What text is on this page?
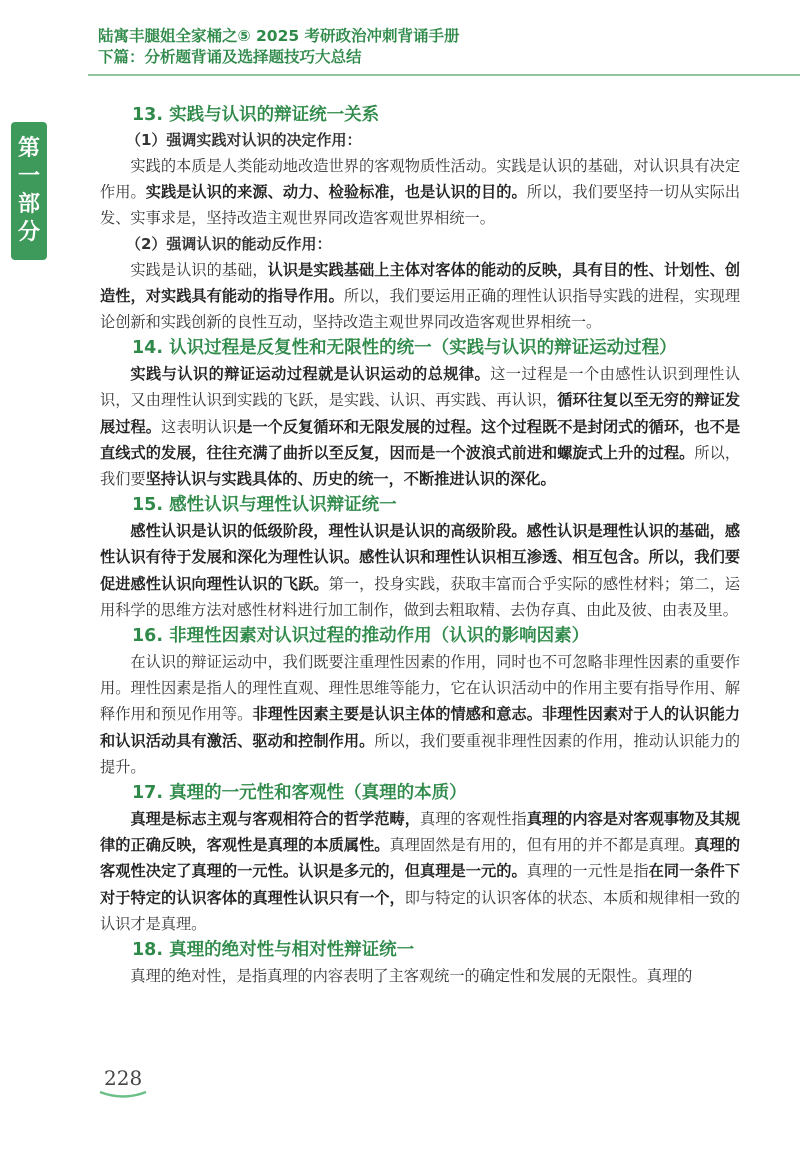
陆寓丰腿姐全家桶之⑤ 2025 考研政治冲刺背诵手册
下篇：分析题背诵及选择题技巧大总结
第
一
部
分
13. 实践与认识的辩证统一关系
（1）强调实践对认识的决定作用：

实践的本质是人类能动地改造世界的客观物质性活动。实践是认识的基础，对认识具有决定作用。实践是认识的来源、动力、检验标准，也是认识的目的。所以，我们要坚持一切从实际出发、实事求是，坚持改造主观世界同改造客观世界相统一。

（2）强调认识的能动反作用：

实践是认识的基础，认识是实践基础上主体对客体的能动的反映，具有目的性、计划性、创造性，对实践具有能动的指导作用。所以，我们要运用正确的理性认识指导实践的进程，实现理论创新和实践创新的良性互动，坚持改造主观世界同改造客观世界相统一。

14. 认识过程是反复性和无限性的统一（实践与认识的辩证运动过程）

实践与认识的辩证运动过程就是认识运动的总规律。这一过程是一个由感性认识到理性认识，又由理性认识到实践的飞跃，是实践、认识、再实践、再认识，循环往复以至无穷的辩证发展过程。这表明认识是一个反复循环和无限发展的过程。这个过程既不是封闭式的循环，也不是直线式的发展，往往充满了曲折以至反复，因而是一个波浪式前进和螺旋式上升的过程。所以，我们要坚持认识与实践具体的、历史的统一，不断推进认识的深化。

15. 感性认识与理性认识辩证统一

感性认识是认识的低级阶段，理性认识是认识的高级阶段。感性认识是理性认识的基础，感性认识有待于发展和深化为理性认识。感性认识和理性认识相互渗透、相互包含。所以，我们要促进感性认识向理性认识的飞跃。第一，投身实践，获取丰富而合乎实际的感性材料；第二，运用科学的思维方法对感性材料进行加工制作，做到去粗取精、去伪存真、由此及彼、由表及里。

16. 非理性因素对认识过程的推动作用（认识的影响因素）

在认识的辩证运动中，我们既要注重理性因素的作用，同时也不可忽略非理性因素的重要作用。理性因素是指人的理性直观、理性思维等能力，它在认识活动中的作用主要有指导作用、解释作用和预见作用等。非理性因素主要是认识主体的情感和意志。非理性因素对于人的认识能力和认识活动具有激活、驱动和控制作用。所以，我们要重视非理性因素的作用，推动认识能力的提升。

17. 真理的一元性和客观性（真理的本质）

真理是标志主观与客观相符合的哲学范畴，真理的客观性指真理的内容是对客观事物及其规律的正确反映，客观性是真理的本质属性。真理固然是有用的，但有用的并不都是真理。真理的客观性决定了真理的一元性。认识是多元的，但真理是一元的。真理的一元性是指在同一条件下对于特定的认识客体的真理性认识只有一个，即与特定的认识客体的状态、本质和规律相一致的认识才是真理。

18. 真理的绝对性与相对性辩证统一

真理的绝对性，是指真理的内容表明了主客观统一的确定性和发展的无限性。真理的

228
